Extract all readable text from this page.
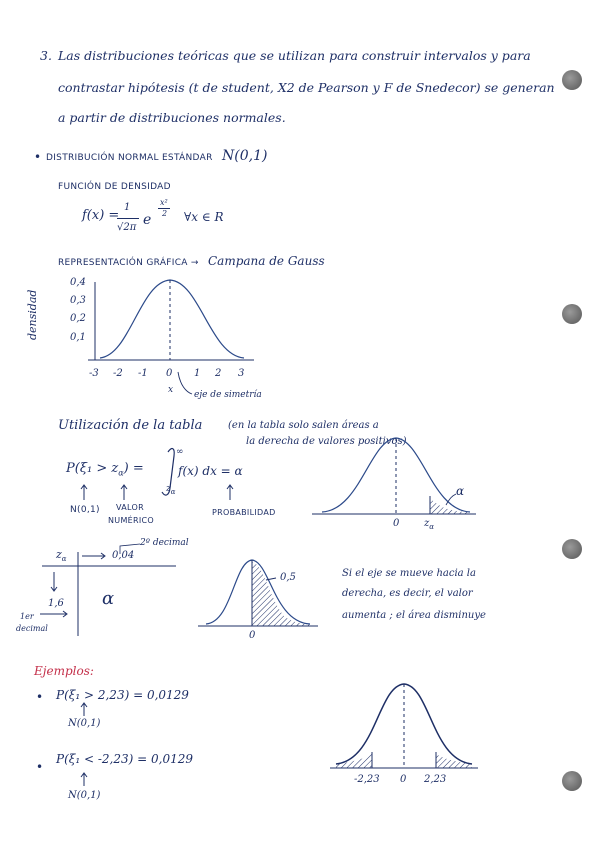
3. Las distribuciones teóricas que se utilizan para construir intervalos y para
contrastar hipótesis (t de student, X2 de Pearson y F de Snedecor) se generan
a partir de distribuciones normales.
• DISTRIBUCIÓN NORMAL ESTÁNDAR N(0,1)
FUNCIÓN DE DENSIDAD
f(x) =
1
√2π e
x²
2 ∀x ∈ R
REPRESENTACIÓN GRÁFICA → Campana de Gauss
densidad
0,4
0,3
0,2
0,1
-3 -2 -1 0 1 2 3
x eje de simetría
Utilización de la tabla	(en la tabla solo salen áreas a
la derecha de valores positivos)
$P(\xi_1 > z_\alpha)$ =
∞
$z_\alpha$
f(x) dx = α
N(0,1) VALOR
NUMÉRICO
PROBABILIDAD
0 $z_\alpha$
α
$z_\alpha$	0,04
2º decimal
1,6
1er
decimal
α
0,5
0
Si el eje se mueve hacia la
derecha, es decir, el valor
aumenta ; el área disminuye
Ejemplos:
• P(ξ₁ > 2,23) = 0,0129
N(0,1)
•
P(ξ₁ < -2,23) = 0,0129
N(0,1)
-2,23 0 2,23
